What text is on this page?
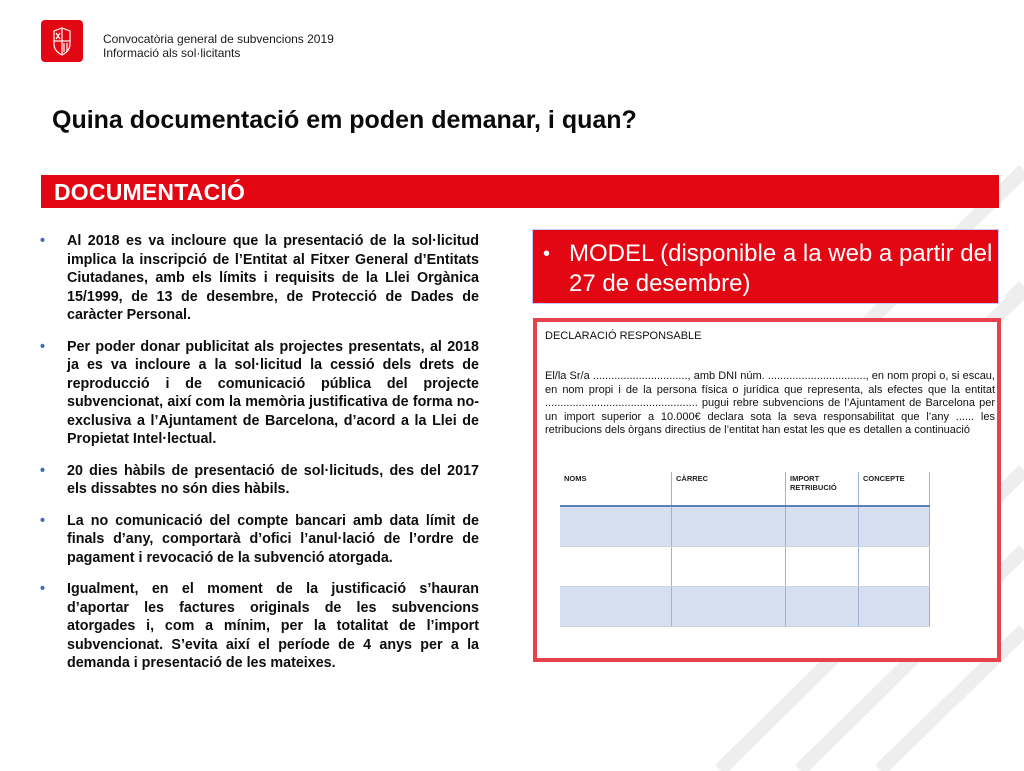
Convocatòria general de subvencions 2019
Informació als sol·licitants
Quina documentació em poden demanar, i quan?
DOCUMENTACIÓ
• Al 2018 es va incloure que la presentació de la sol·licitud implica la inscripció de l’Entitat al Fitxer General d’Entitats Ciutadanes, amb els límits i requisits de la Llei Orgànica 15/1999, de 13 de desembre, de Protecció de Dades de caràcter Personal.
• Per poder donar publicitat als projectes presentats, al 2018 ja es va incloure a la sol·licitud la cessió dels drets de reproducció i de comunicació pública del projecte subvencionat, així com la memòria justificativa de forma no- exclusiva a l’Ajuntament de Barcelona, d’acord a la Llei de Propietat Intel·lectual.
• 20 dies hàbils de presentació de sol·licituds, des del 2017 els dissabtes no són dies hàbils.
• La no comunicació del compte bancari amb data límit de finals d’any, comportarà d’ofici l’anul·lació de l’ordre de pagament i revocació de la subvenció atorgada.
• Igualment, en el moment de la justificació s’hauran d’aportar les factures originals de les subvencions atorgades i, com a mínim, per la totalitat de l’import subvencionat. S’evita així el període de 4 anys per a la demanda i presentació de les mateixes.
• MODEL (disponible a la web a partir del 27 de desembre)
DECLARACIÓ RESPONSABLE
El/la Sr/a ..............................., amb DNI núm. ................................, en nom propi o, si escau, en nom propi i de la persona física o jurídica que representa, als efectes que la entitat .................................................. pugui rebre subvencions de l’Ajuntament de Barcelona per un import superior a 10.000€ declara sota la seva responsabilitat que l’any ...... les retribucions dels òrgans directius de l’entitat han estat les que es detallen a continuació
NOMS	CÀRREC	IMPORT RETRIBUCIÓ	CONCEPTE
